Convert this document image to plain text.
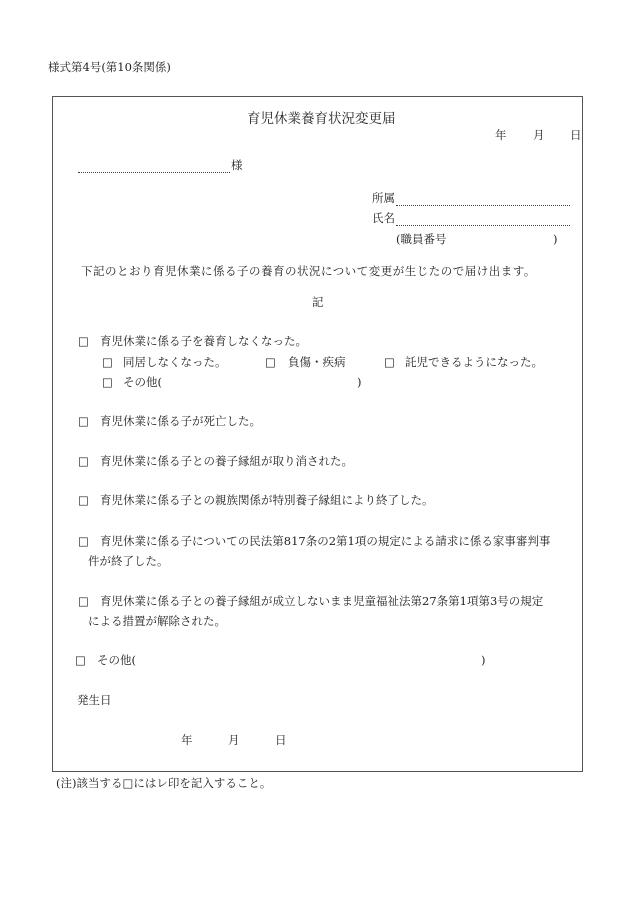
様式第4号(第10条関係)
育児休業養育状況変更届
年 月 日
様
所属
氏名
(職員番号	)
下記のとおり育児休業に係る子の養育の状況について変更が生じたので届け出ます。
記
□ 育児休業に係る子を養育しなくなった。
□ 同居しなくなった。	□ 負傷・疾病	□ 託児できるようになった。
□ その他(	)
□ 育児休業に係る子が死亡した。
□ 育児休業に係る子との養子縁組が取り消された。
□ 育児休業に係る子との親族関係が特別養子縁組により終了した。
□ 育児休業に係る子についての民法第817条の2第1項の規定による請求に係る家事審判事
件が終了した。
□ 育児休業に係る子との養子縁組が成立しないまま児童福祉法第27条第1項第3号の規定
による措置が解除された。
□ その他(	)
発生日
年	月	日
(注)該当する□にはレ印を記入すること。
